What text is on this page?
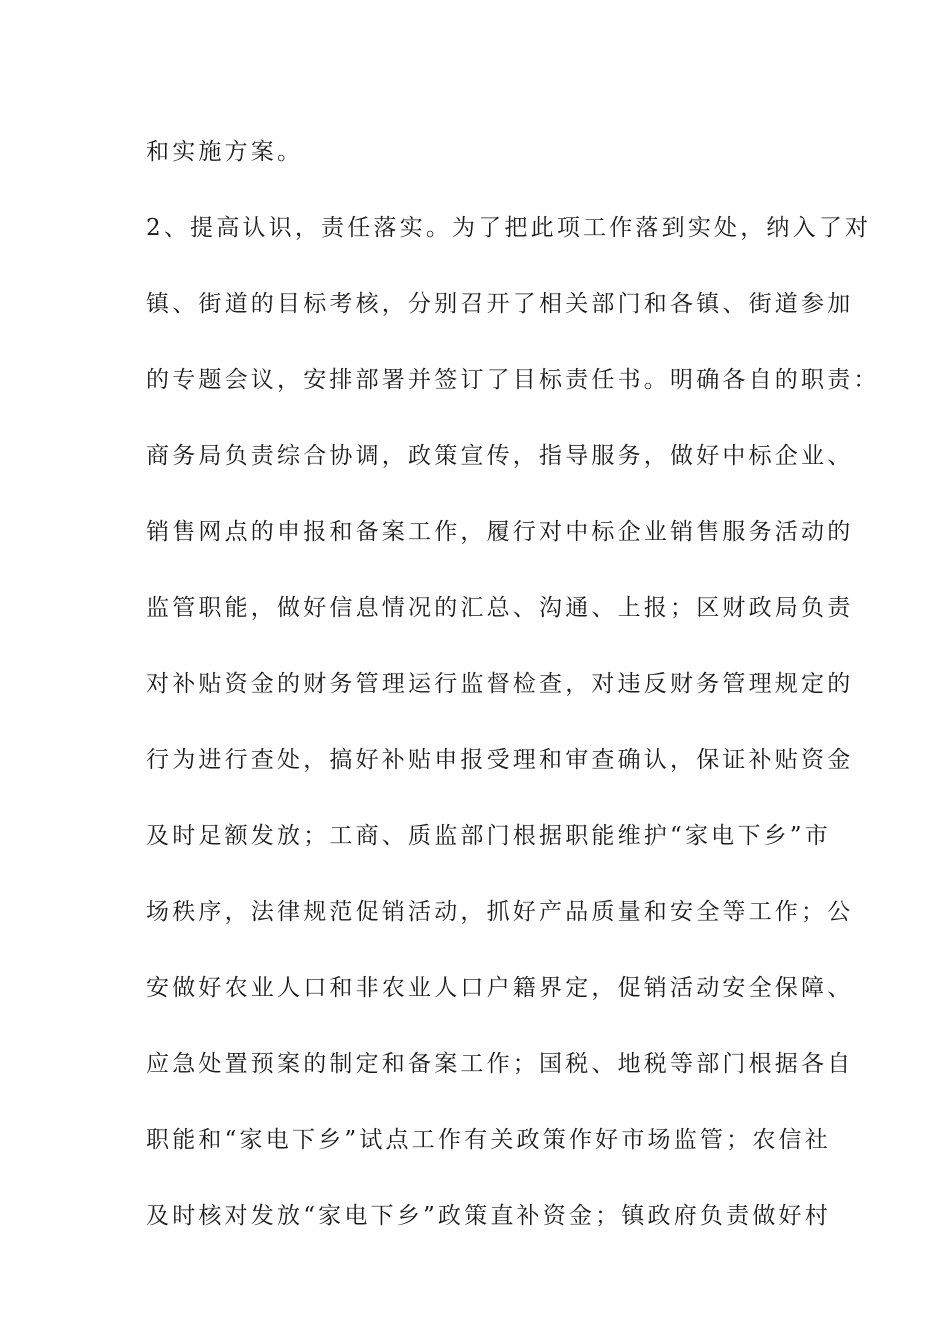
和实施方案。
2、提高认识，责任落实。为了把此项工作落到实处，纳入了对
镇、街道的目标考核，分别召开了相关部门和各镇、街道参加
的专题会议，安排部署并签订了目标责任书。明确各自的职责：
商务局负责综合协调，政策宣传，指导服务，做好中标企业、
销售网点的申报和备案工作，履行对中标企业销售服务活动的
监管职能，做好信息情况的汇总、沟通、上报；区财政局负责
对补贴资金的财务管理运行监督检查，对违反财务管理规定的
行为进行查处，搞好补贴申报受理和审查确认，保证补贴资金
及时足额发放；工商、质监部门根据职能维护“家电下乡”市
场秩序，法律规范促销活动，抓好产品质量和安全等工作；公
安做好农业人口和非农业人口户籍界定，促销活动安全保障、
应急处置预案的制定和备案工作；国税、地税等部门根据各自
职能和“家电下乡”试点工作有关政策作好市场监管；农信社
及时核对发放“家电下乡”政策直补资金；镇政府负责做好村
